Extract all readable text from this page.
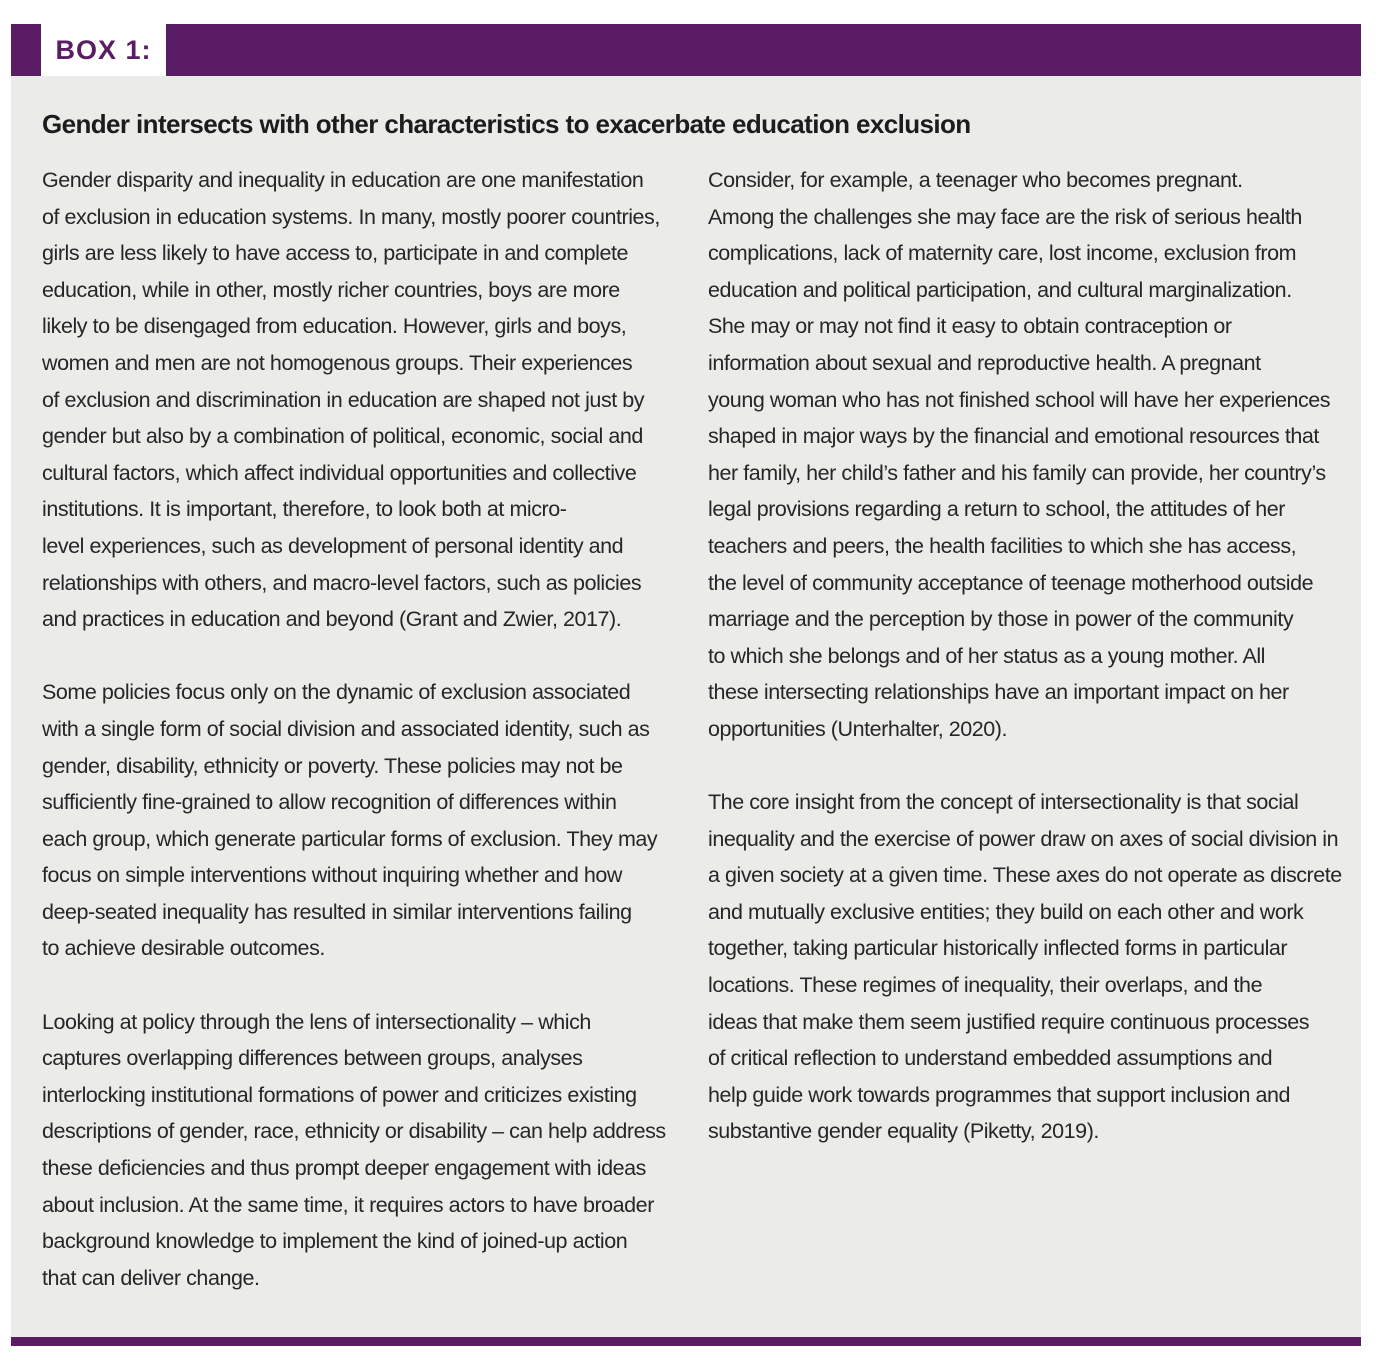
BOX 1:
Gender intersects with other characteristics to exacerbate education exclusion

Gender disparity and inequality in education are one manifestation
of exclusion in education systems. In many, mostly poorer countries,
girls are less likely to have access to, participate in and complete
education, while in other, mostly richer countries, boys are more
likely to be disengaged from education. However, girls and boys,
women and men are not homogenous groups. Their experiences
of exclusion and discrimination in education are shaped not just by
gender but also by a combination of political, economic, social and
cultural factors, which affect individual opportunities and collective
institutions. It is important, therefore, to look both at micro-
level experiences, such as development of personal identity and
relationships with others, and macro-level factors, such as policies
and practices in education and beyond (Grant and Zwier, 2017).

Some policies focus only on the dynamic of exclusion associated
with a single form of social division and associated identity, such as
gender, disability, ethnicity or poverty. These policies may not be
sufficiently fine-grained to allow recognition of differences within
each group, which generate particular forms of exclusion. They may
focus on simple interventions without inquiring whether and how
deep-seated inequality has resulted in similar interventions failing
to achieve desirable outcomes.

Looking at policy through the lens of intersectionality – which
captures overlapping differences between groups, analyses
interlocking institutional formations of power and criticizes existing
descriptions of gender, race, ethnicity or disability – can help address
these deficiencies and thus prompt deeper engagement with ideas
about inclusion. At the same time, it requires actors to have broader
background knowledge to implement the kind of joined-up action
that can deliver change.

Consider, for example, a teenager who becomes pregnant.
Among the challenges she may face are the risk of serious health
complications, lack of maternity care, lost income, exclusion from
education and political participation, and cultural marginalization.
She may or may not find it easy to obtain contraception or
information about sexual and reproductive health. A pregnant
young woman who has not finished school will have her experiences
shaped in major ways by the financial and emotional resources that
her family, her child’s father and his family can provide, her country’s
legal provisions regarding a return to school, the attitudes of her
teachers and peers, the health facilities to which she has access,
the level of community acceptance of teenage motherhood outside
marriage and the perception by those in power of the community
to which she belongs and of her status as a young mother. All
these intersecting relationships have an important impact on her
opportunities (Unterhalter, 2020).

The core insight from the concept of intersectionality is that social
inequality and the exercise of power draw on axes of social division in
a given society at a given time. These axes do not operate as discrete
and mutually exclusive entities; they build on each other and work
together, taking particular historically inflected forms in particular
locations. These regimes of inequality, their overlaps, and the
ideas that make them seem justified require continuous processes
of critical reflection to understand embedded assumptions and
help guide work towards programmes that support inclusion and
substantive gender equality (Piketty, 2019).
